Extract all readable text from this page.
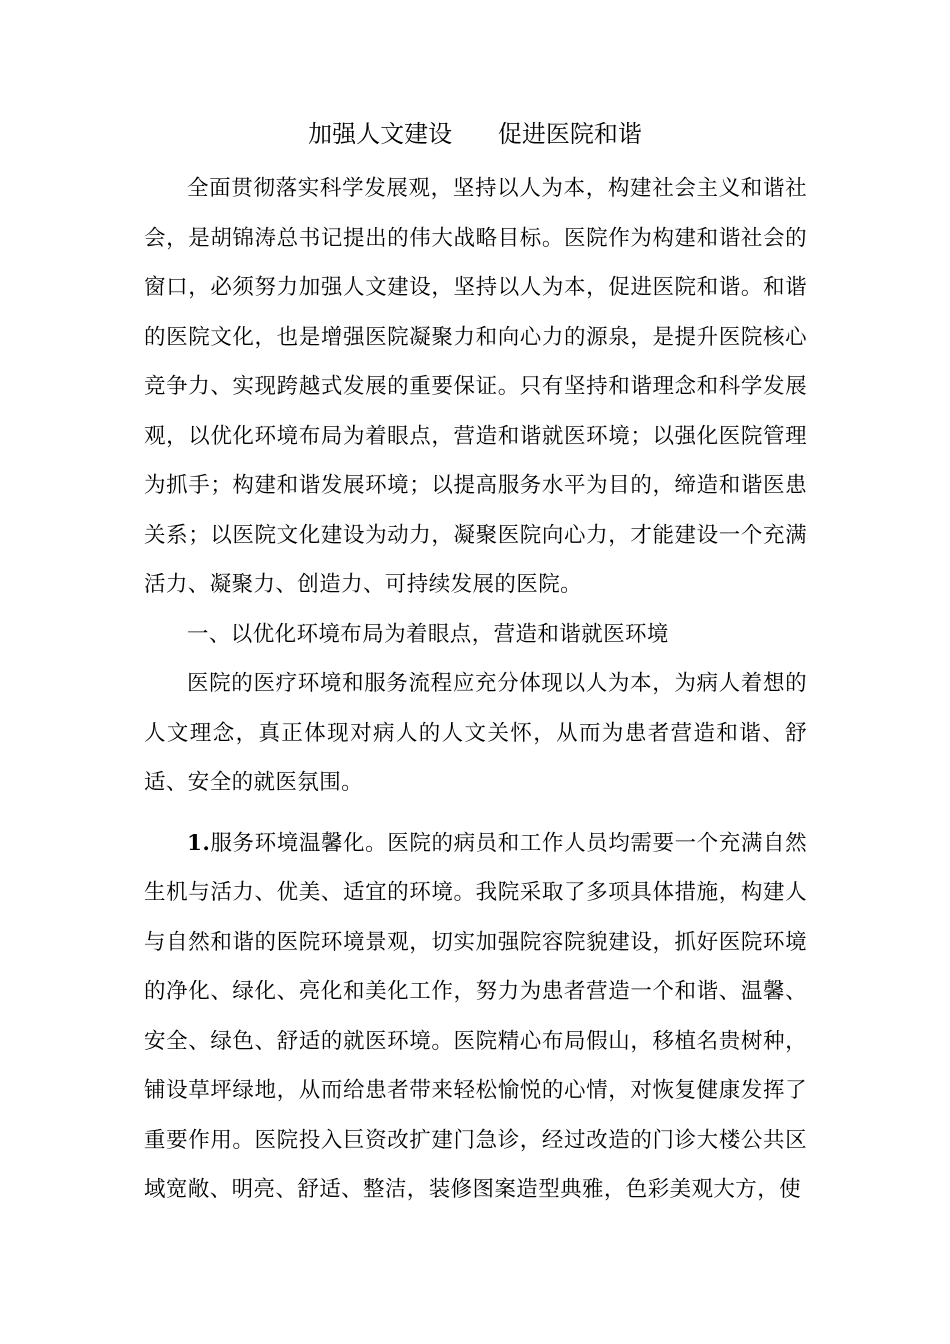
加强人文建设      促进医院和谐

全面贯彻落实科学发展观，坚持以人为本，构建社会主义和谐社会，是胡锦涛总书记提出的伟大战略目标。医院作为构建和谐社会的窗口，必须努力加强人文建设，坚持以人为本，促进医院和谐。和谐的医院文化，也是增强医院凝聚力和向心力的源泉，是提升医院核心竞争力、实现跨越式发展的重要保证。只有坚持和谐理念和科学发展观，以优化环境布局为着眼点，营造和谐就医环境；以强化医院管理为抓手；构建和谐发展环境；以提高服务水平为目的，缔造和谐医患关系；以医院文化建设为动力，凝聚医院向心力，才能建设一个充满活力、凝聚力、创造力、可持续发展的医院。

一、以优化环境布局为着眼点，营造和谐就医环境

医院的医疗环境和服务流程应充分体现以人为本，为病人着想的人文理念，真正体现对病人的人文关怀，从而为患者营造和谐、舒适、安全的就医氛围。

1.服务环境温馨化。医院的病员和工作人员均需要一个充满自然生机与活力、优美、适宜的环境。我院采取了多项具体措施，构建人与自然和谐的医院环境景观，切实加强院容院貌建设，抓好医院环境的净化、绿化、亮化和美化工作，努力为患者营造一个和谐、温馨、安全、绿色、舒适的就医环境。医院精心布局假山，移植名贵树种，铺设草坪绿地，从而给患者带来轻松愉悦的心情，对恢复健康发挥了重要作用。医院投入巨资改扩建门急诊，经过改造的门诊大楼公共区域宽敞、明亮、舒适、整洁，装修图案造型典雅，色彩美观大方，使
